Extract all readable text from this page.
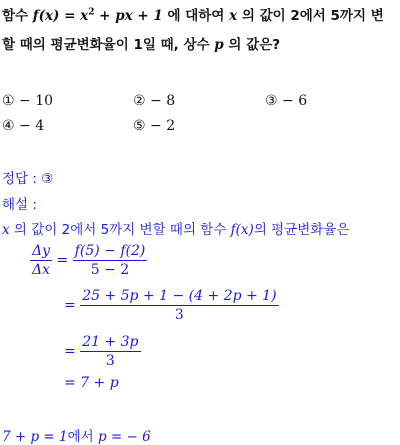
함수 $f(x) = x^2$ + px + 1 에 대하여 x 의 값이 2에서 5까지 변
할 때의 평균변화율이 1일 때, 상수 p 의 값은?
① − 10	② − 8	③ − 6
④ − 4	⑤ − 2
정답 : ③
해설 :
x 의 값이 2에서 5까지 변할 때의 함수 f(x)의 평균변화율은
$\frac{\Delta y}{\Delta x} = \frac{f(5) - f(2)}{5 - 2}$
= $\frac{25 + 5p + 1 - (4 + 2p + 1)}{3}$
= $\frac{21 + 3p}{3}$
= 7 + p
7 + p = 1에서 p = − 6
